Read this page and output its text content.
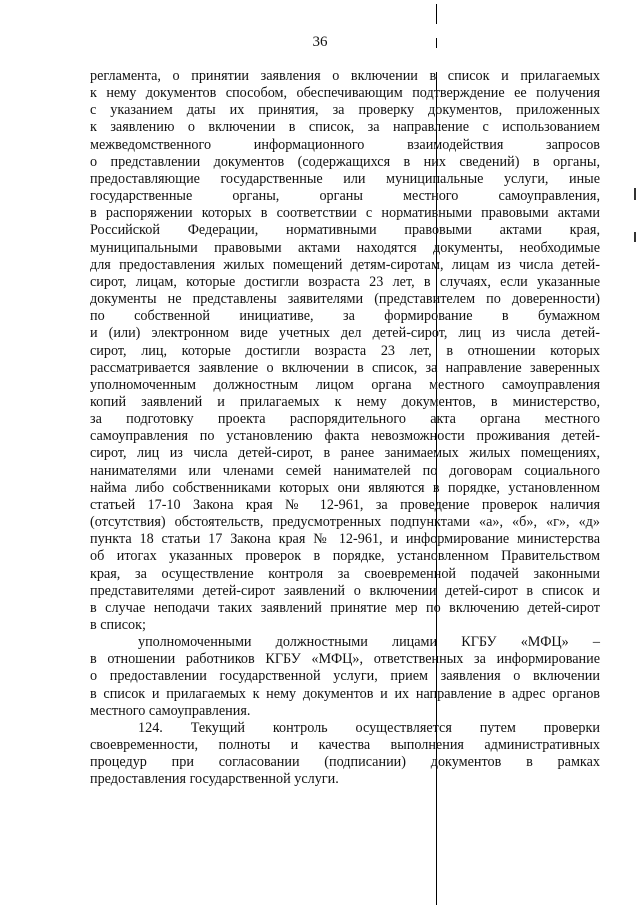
36
регламента, о принятии заявления о включении в список и прилагаемых
к нему документов способом, обеспечивающим подтверждение ее получения
с указанием даты их принятия, за проверку документов, приложенных
к заявлению о включении в список, за направление с использованием
межведомственного информационного взаимодействия запросов
о представлении документов (содержащихся в них сведений) в органы,
предоставляющие государственные или муниципальные услуги, иные
государственные органы, органы местного самоуправления,
в распоряжении которых в соответствии с нормативными правовыми актами
Российской Федерации, нормативными правовыми актами края,
муниципальными правовыми актами находятся документы, необходимые
для предоставления жилых помещений детям-сиротам, лицам из числа детей-
сирот, лицам, которые достигли возраста 23 лет, в случаях, если указанные
документы не представлены заявителями (представителем по доверенности)
по собственной инициативе, за формирование в бумажном
и (или) электронном виде учетных дел детей-сирот, лиц из числа детей-
сирот, лиц, которые достигли возраста 23 лет, в отношении которых
рассматривается заявление о включении в список, за направление заверенных
уполномоченным должностным лицом органа местного самоуправления
копий заявлений и прилагаемых к нему документов, в министерство,
за подготовку проекта распорядительного акта органа местного
самоуправления по установлению факта невозможности проживания детей-
сирот, лиц из числа детей-сирот, в ранее занимаемых жилых помещениях,
нанимателями или членами семей нанимателей по договорам социального
найма либо собственниками которых они являются в порядке, установленном
статьей 17-10 Закона края № 12-961, за проведение проверок наличия
(отсутствия) обстоятельств, предусмотренных подпунктами «а», «б», «г», «д»
пункта 18 статьи 17 Закона края № 12-961, и информирование министерства
об итогах указанных проверок в порядке, установленном Правительством
края, за осуществление контроля за своевременной подачей законными
представителями детей-сирот заявлений о включении детей-сирот в список и
в случае неподачи таких заявлений принятие мер по включению детей-сирот
в список;
уполномоченными должностными лицами КГБУ «МФЦ» –
в отношении работников КГБУ «МФЦ», ответственных за информирование
о предоставлении государственной услуги, прием заявления о включении
в список и прилагаемых к нему документов и их направление в адрес органов
местного самоуправления.
124. Текущий контроль осуществляется путем проверки
своевременности, полноты и качества выполнения административных
процедур при согласовании (подписании) документов в рамках
предоставления государственной услуги.
